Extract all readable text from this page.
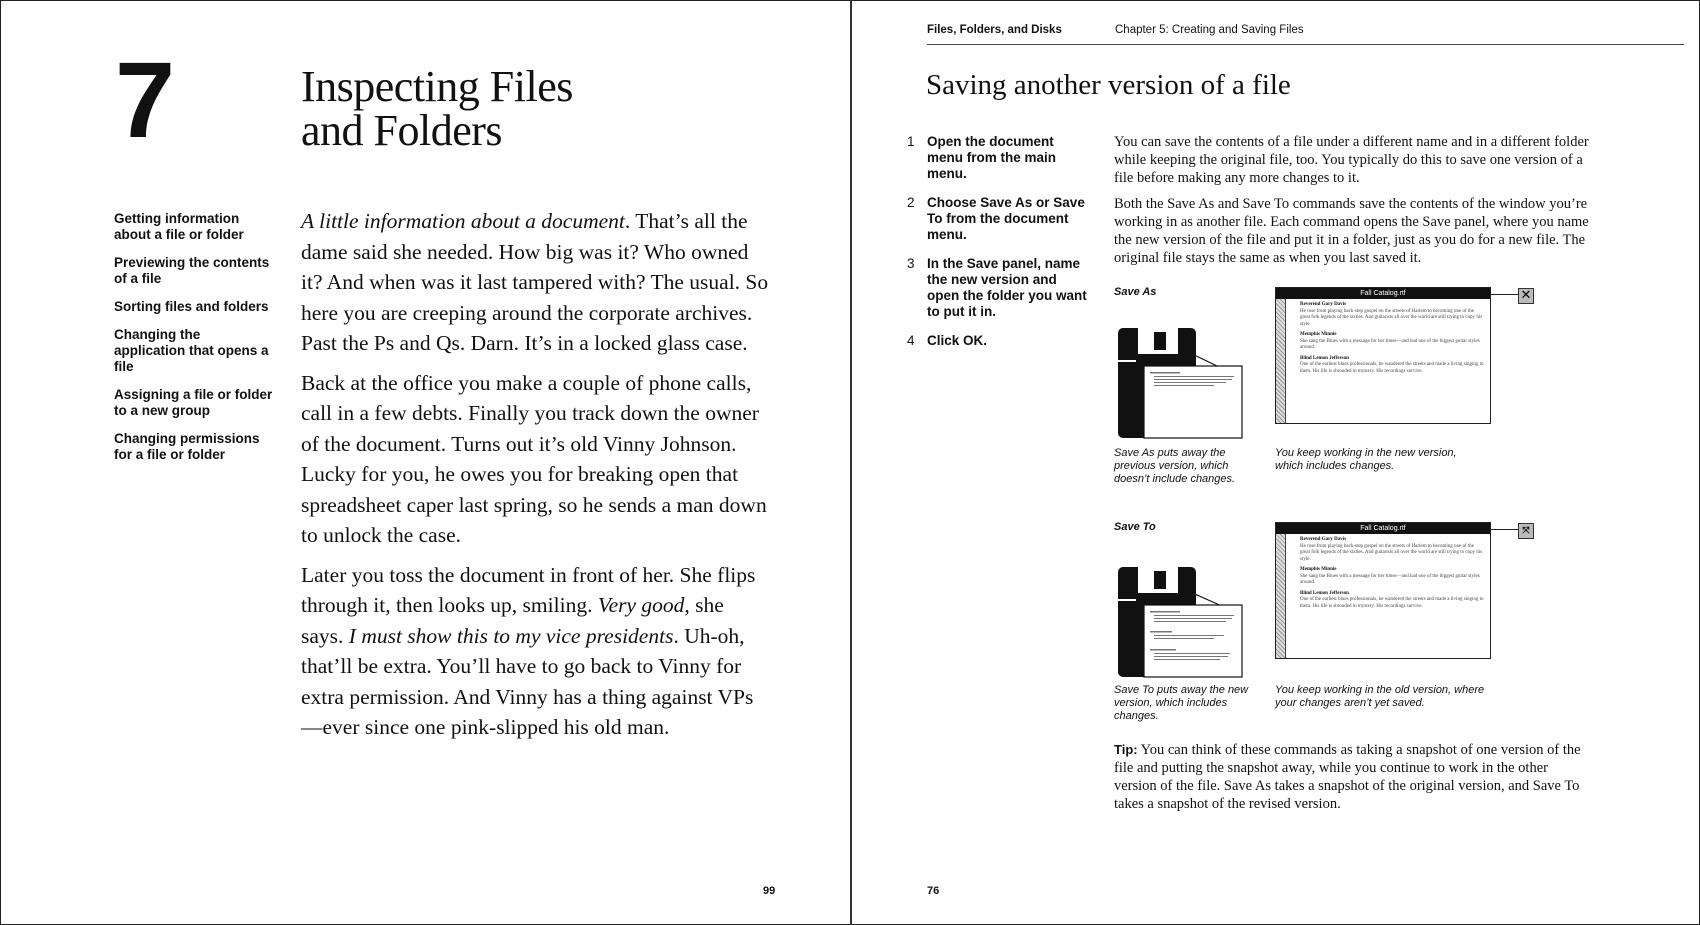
7	Inspecting Files
and Folders
Getting information about a file or folder
Previewing the contents of a file
Sorting files and folders
Changing the application that opens a file
Assigning a file or folder to a new group
Changing permissions for a file or folder

A little information about a document. That’s all the dame said she needed. How big was it? Who owned it? And when was it last tampered with? The usual. So here you are creeping around the corporate archives. Past the Ps and Qs. Darn. It’s in a locked glass case.

Back at the office you make a couple of phone calls, call in a few debts. Finally you track down the owner of the document. Turns out it’s old Vinny Johnson. Lucky for you, he owes you for breaking open that spreadsheet caper last spring, so he sends a man down to unlock the case.

Later you toss the document in front of her. She flips through it, then looks up, smiling. Very good, she says. I must show this to my vice presidents. Uh-oh, that’ll be extra. You’ll have to go back to Vinny for extra permission. And Vinny has a thing against VPs—ever since one pink-slipped his old man.

99
Files, Folders, and Disks	Chapter 5: Creating and Saving Files
Saving another version of a file
1 Open the document menu from the main menu.
2 Choose Save As or Save To from the document menu.
3 In the Save panel, name the new version and open the folder you want to put it in.
4 Click OK.

You can save the contents of a file under a different name and in a different folder while keeping the original file, too. You typically do this to save one version of a file before making any more changes to it.

Both the Save As and Save To commands save the contents of the window you’re working in as another file. Each command opens the Save panel, where you name the new version of the file and put it in a folder, just as you do for a new file. The original file stays the same as when you last saved it.

Save As	Fall Catalog.rtf
Reverend Gary Davis
He rose from playing back-step gospel on the streets of Harlem to becoming one of the great folk legends of the sixties. And guitarists all over the world are still trying to copy his style.
Memphis Minnie
She sang the Blues with a message for her times—and had one of the biggest guitar styles around.
Blind Lemon Jefferson
One of the earliest blues professionals, he wandered the streets and made a living singing to them. His life is shrouded in mystery. His recordings survive.
✕
Save As puts away the previous version, which doesn’t include changes.
You keep working in the new version, which includes changes.
Save To	Fall Catalog.rtf
Reverend Gary Davis
He rose from playing back-step gospel on the streets of Harlem to becoming one of the great folk legends of the sixties. And guitarists all over the world are still trying to copy his style.
Memphis Minnie
She sang the Blues with a message for her times—and had one of the biggest guitar styles around.
Blind Lemon Jefferson
One of the earliest blues professionals, he wandered the streets and made a living singing to them. His life is shrouded in mystery. His recordings survive.
⤧
Save To puts away the new version, which includes changes.
You keep working in the old version, where your changes aren’t yet saved.
Tip: You can think of these commands as taking a snapshot of one version of the file and putting the snapshot away, while you continue to work in the other version of the file. Save As takes a snapshot of the original version, and Save To takes a snapshot of the revised version.
76
